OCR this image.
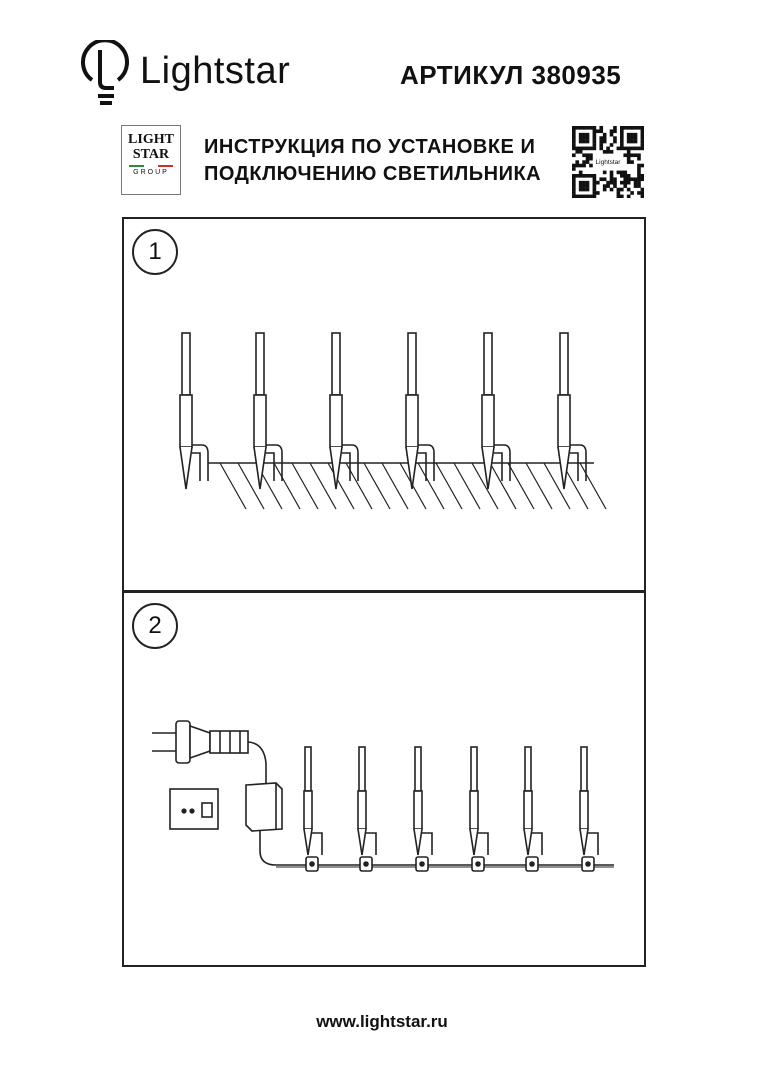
Lightstar	АРТИКУЛ 380935
LIGHT
STAR
GROUP
ИНСТРУКЦИЯ ПО УСТАНОВКЕ И
ПОДКЛЮЧЕНИЮ СВЕТИЛЬНИКА
Lightstar
1
2
www.lightstar.ru
